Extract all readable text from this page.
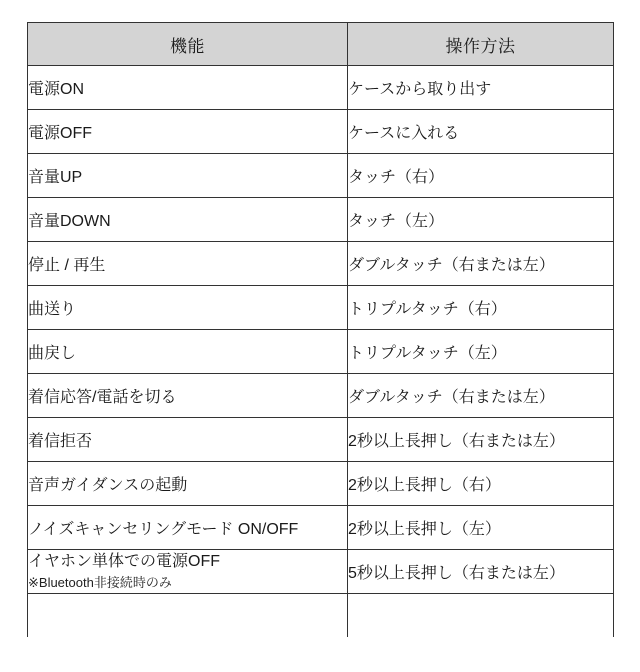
機能	操作方法
電源ON	ケースから取り出す
電源OFF	ケースに入れる
音量UP	タッチ（右）
音量DOWN	タッチ（左）
停止 / 再生	ダブルタッチ（右または左）
曲送り	トリプルタッチ（右）
曲戻し	トリプルタッチ（左）
着信応答/電話を切る	ダブルタッチ（右または左）
着信拒否	2秒以上長押し（右または左）
音声ガイダンスの起動	2秒以上長押し（右）
ノイズキャンセリングモード ON/OFF	2秒以上長押し（左）

イヤホン単体での電源OFF
※Bluetooth非接続時のみ	5秒以上長押し（右または左）
